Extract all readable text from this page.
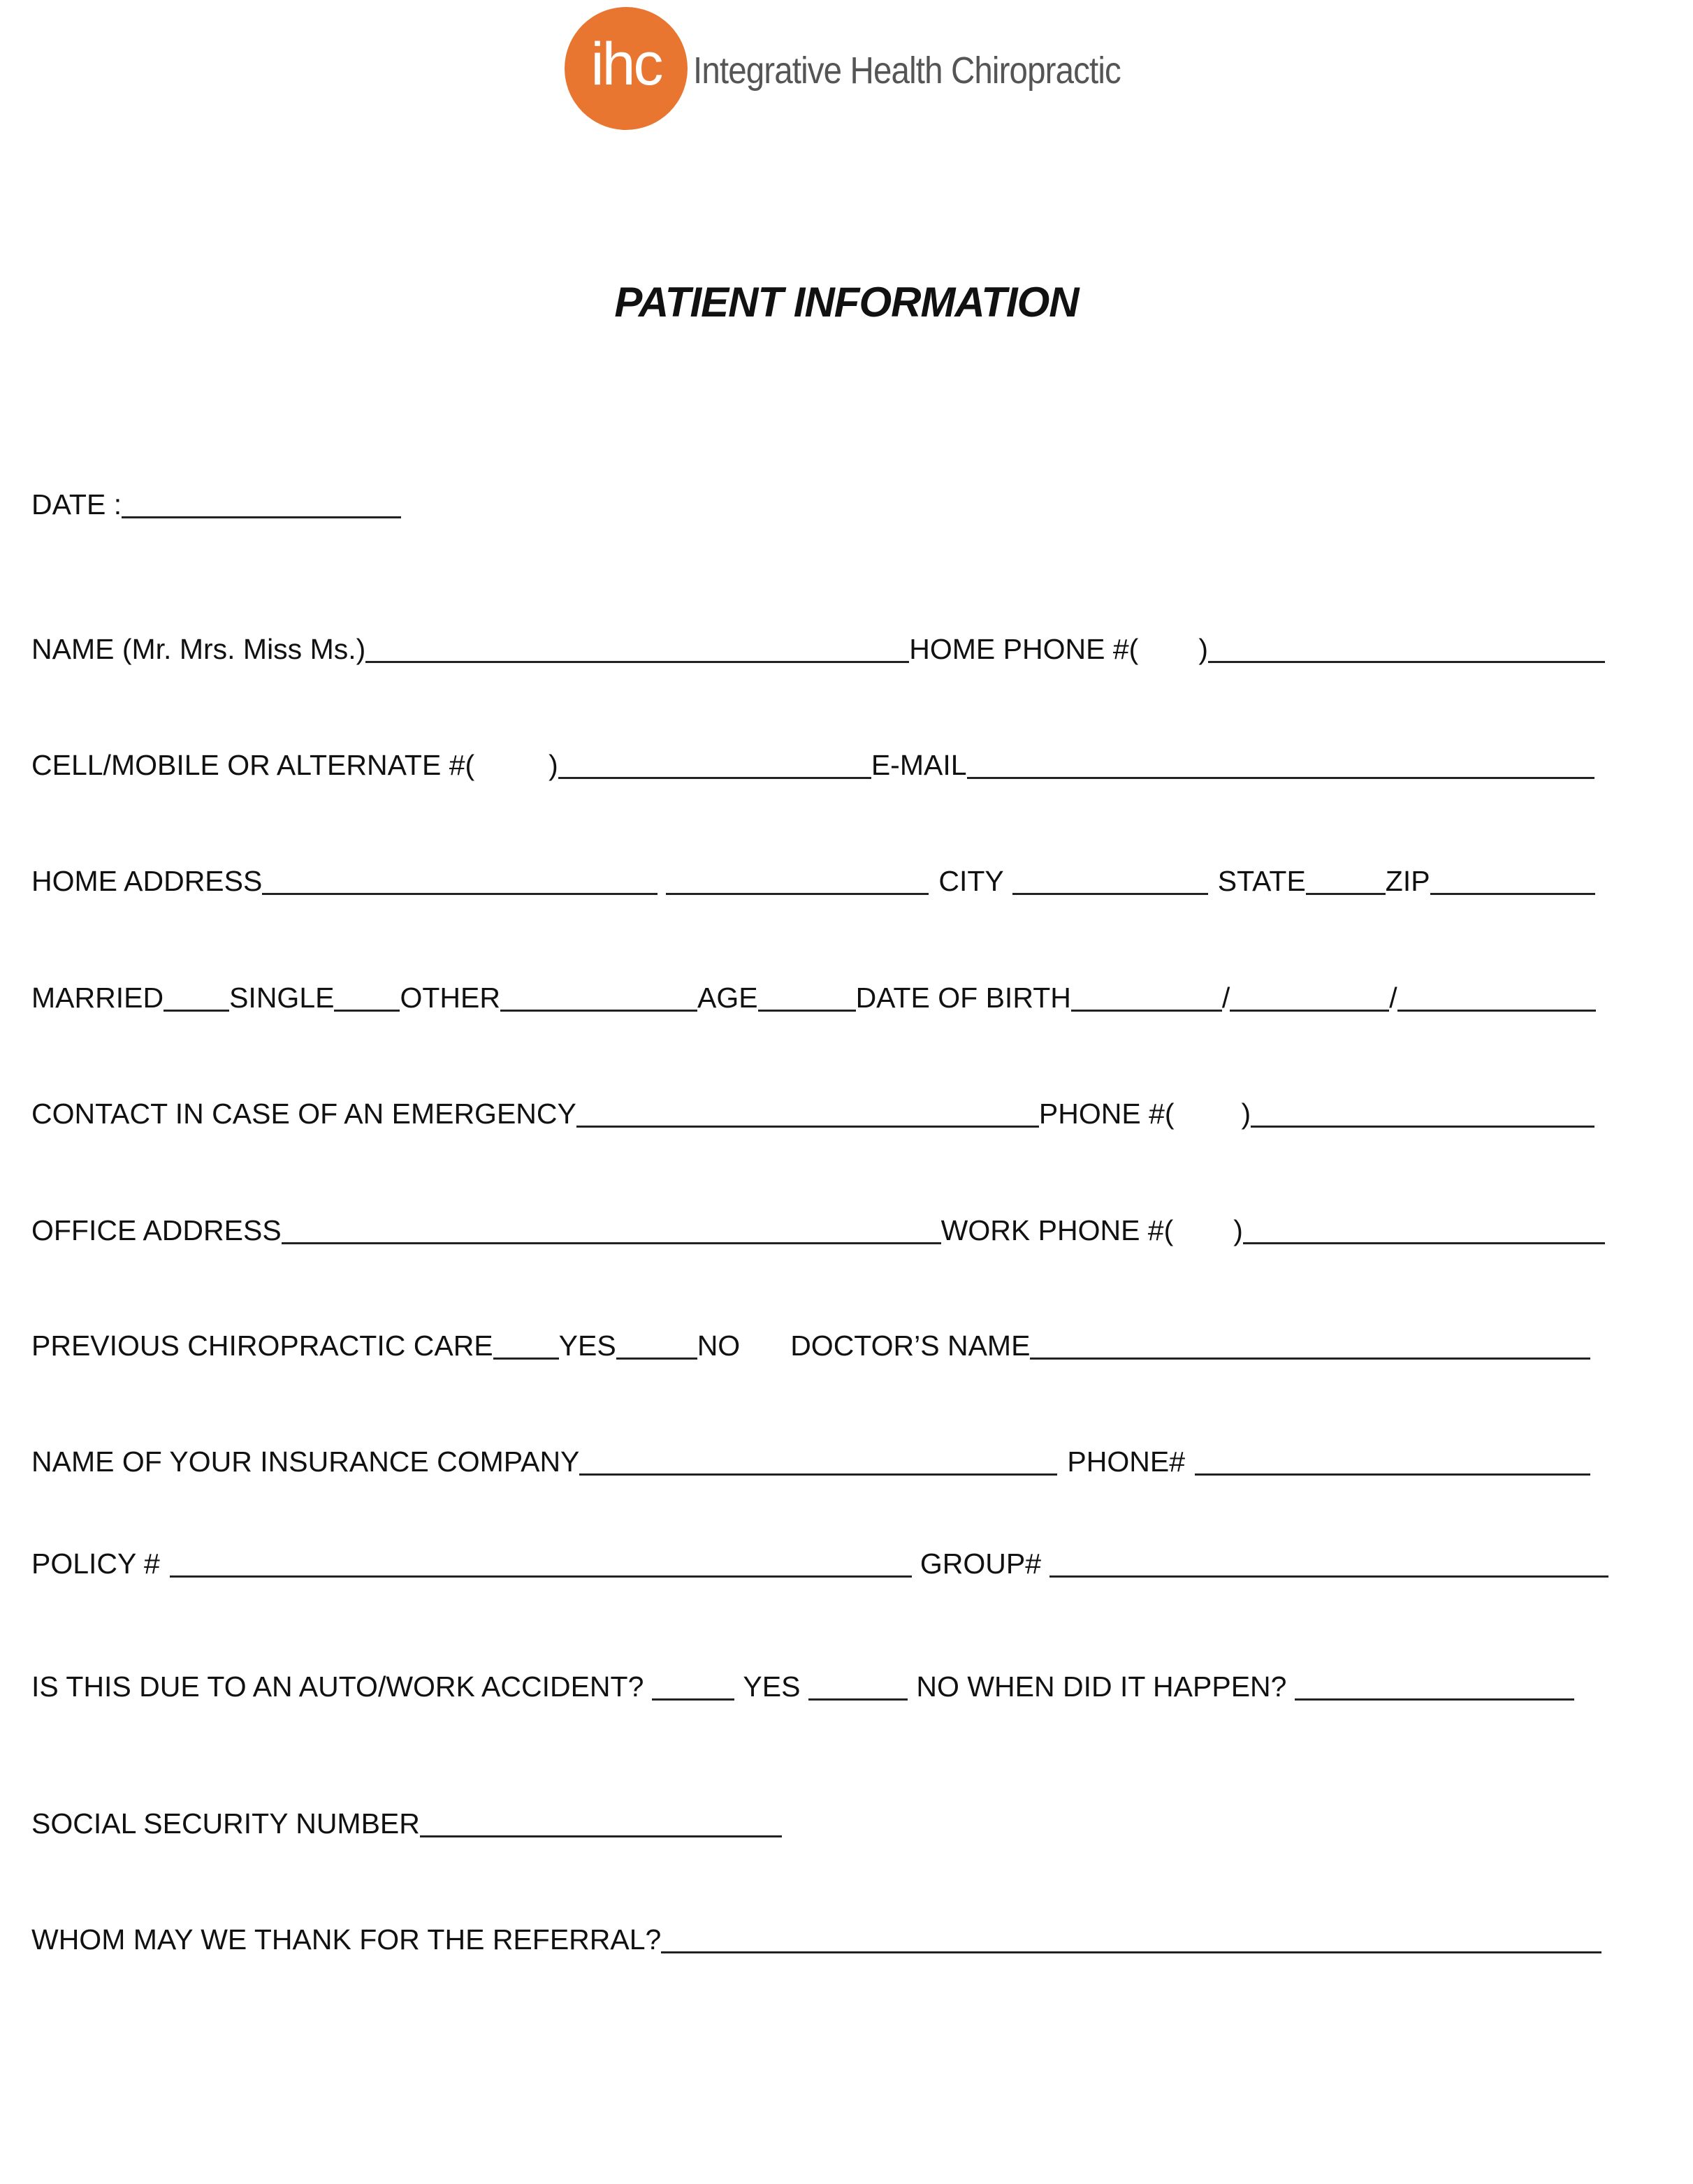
ihc Integrative Health Chiropractic
PATIENT INFORMATION
DATE :
NAME (Mr. Mrs. Miss Ms.)	HOME PHONE #( )
CELL/MOBILE OR ALTERNATE #(	)	E-MAIL
HOME ADDRESS	CITY	STATE	ZIP
MARRIED SINGLE OTHER	AGE	DATE OF BIRTH	/	/
CONTACT IN CASE OF AN EMERGENCY	PHONE #( )
OFFICE ADDRESS	WORK PHONE #( )
PREVIOUS CHIROPRACTIC CARE YES	NO DOCTOR’S NAME
NAME OF YOUR INSURANCE COMPANY	PHONE#
POLICY #	GROUP#
IS THIS DUE TO AN AUTO/WORK ACCIDENT?	YES	NO WHEN DID IT HAPPEN?
SOCIAL SECURITY NUMBER
WHOM MAY WE THANK FOR THE REFERRAL?
